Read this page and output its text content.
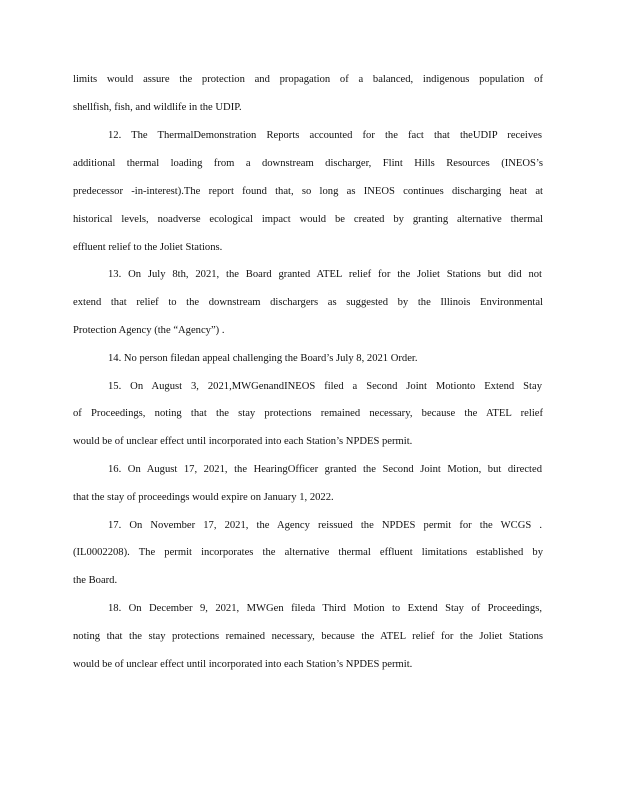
limits would assure the protection and propagation of a balanced, indigenous population of
shellfish, fish, and wildlife in the UDIP.
12. The ThermalDemonstration Reports accounted for the fact that theUDIP receives
additional thermal loading from a downstream discharger, Flint Hills Resources (INEOS’s
predecessor -in-interest).The report found that, so long as INEOS continues discharging heat at
historical levels, noadverse ecological impact would be created by granting alternative thermal
effluent relief to the Joliet Stations.
13. On July 8th, 2021, the Board granted ATEL relief for the Joliet Stations but did not
extend that relief to the downstream dischargers as suggested by the Illinois Environmental
Protection Agency (the “Agency”) .
14. No person filedan appeal challenging the Board’s July 8, 2021 Order.
15. On August 3, 2021,MWGenandINEOS filed a Second Joint Motionto Extend Stay
of Proceedings, noting that the stay protections remained necessary, because the ATEL relief
would be of unclear effect until incorporated into each Station’s NPDES permit.
16. On August 17, 2021, the HearingOfficer granted the Second Joint Motion, but directed
that the stay of proceedings would expire on January 1, 2022.
17. On November 17, 2021, the Agency reissued the NPDES permit for the WCGS .
(IL0002208). The permit incorporates the alternative thermal effluent limitations established by
the Board.
18. On December 9, 2021, MWGen fileda Third Motion to Extend Stay of Proceedings,
noting that the stay protections remained necessary, because the ATEL relief for the Joliet Stations
would be of unclear effect until incorporated into each Station’s NPDES permit.
